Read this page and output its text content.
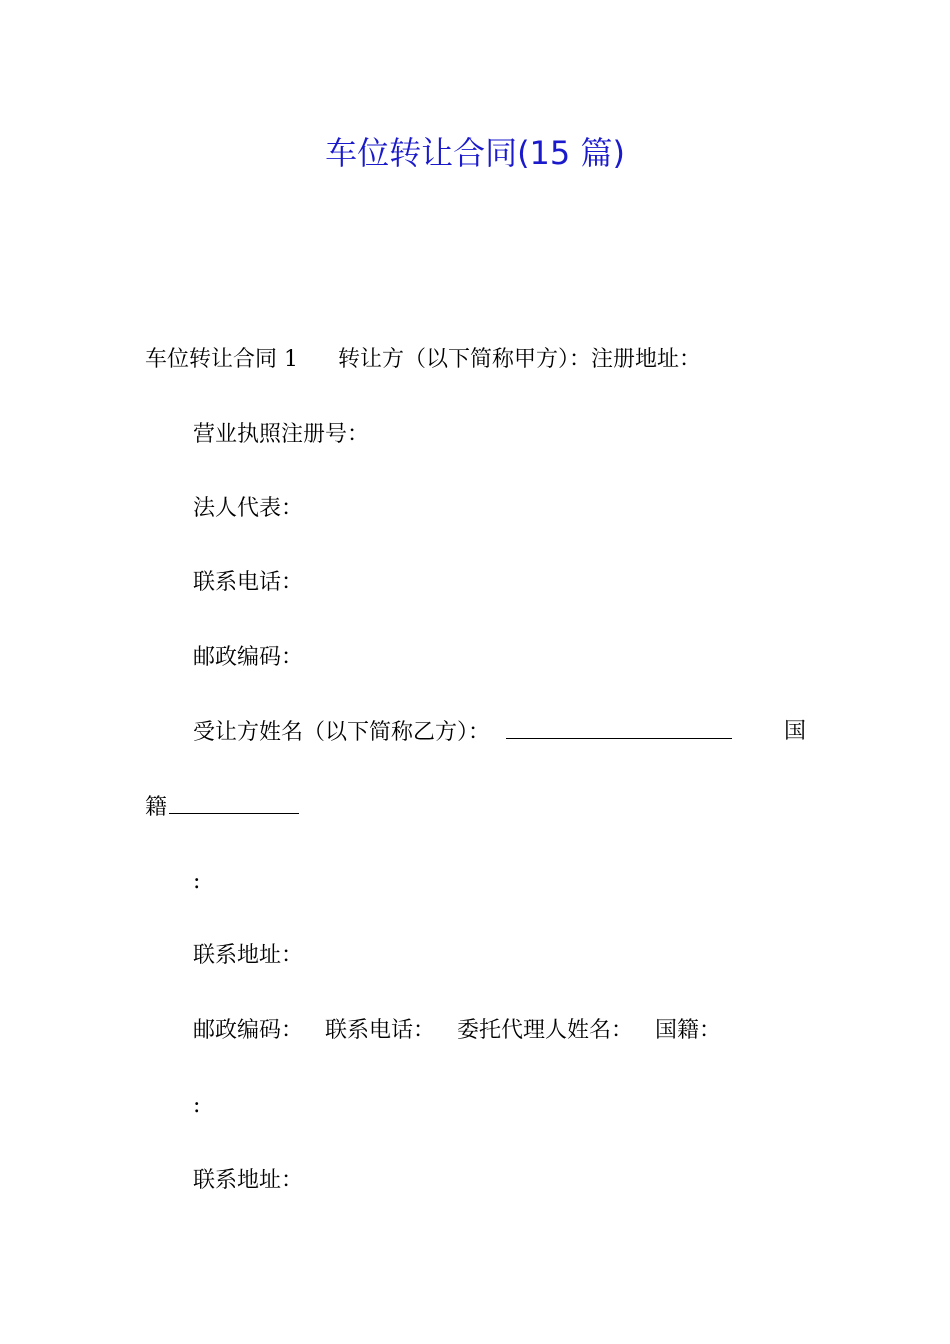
车位转让合同(15 篇)
车位转让合同 1 转让方（以下简称甲方）：注册地址：
营业执照注册号：
法人代表：
联系电话：
邮政编码：
受让方姓名（以下简称乙方）：	国
籍
:
联系地址：
邮政编码： 联系电话： 委托代理人姓名： 国籍：
:
联系地址：
